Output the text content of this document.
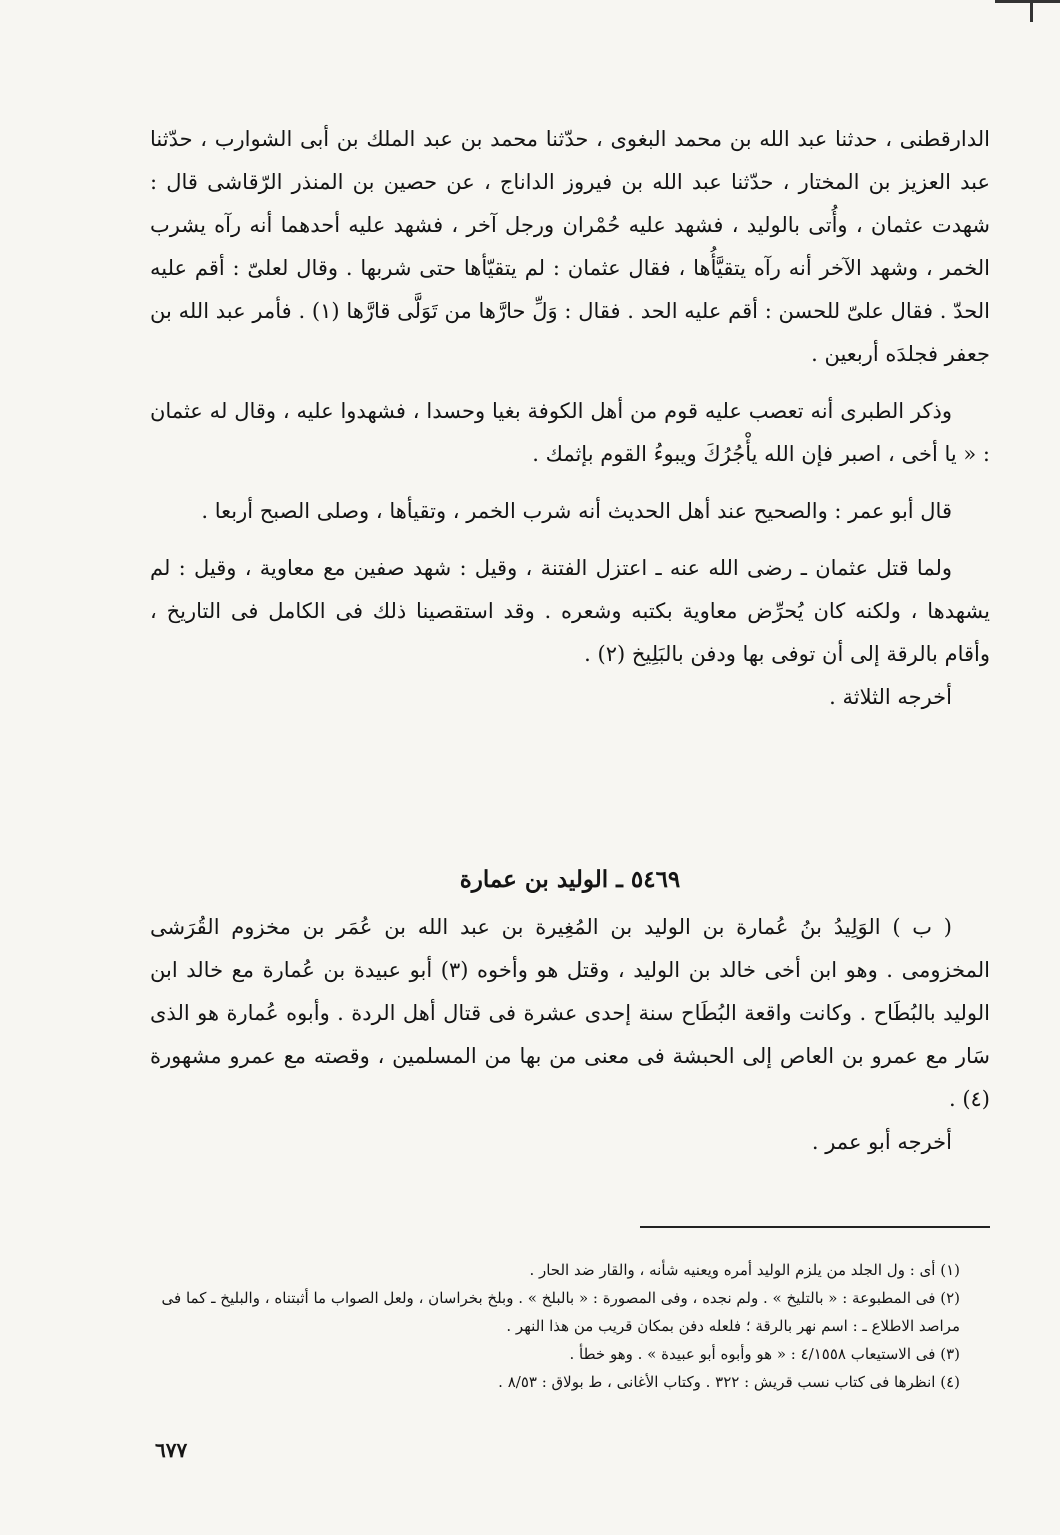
الدارقطنى ، حدثنا عبد الله بن محمد البغوى ، حدّثنا محمد بن عبد الملك بن أبى الشوارب ، حدّثنا عبد العزيز بن المختار ، حدّثنا عبد الله بن فيروز الداناج ، عن حصين بن المنذر الرّقاشى قال : شهدت عثمان ، وأُتى بالوليد ، فشهد عليه حُمْران ورجل آخر ، فشهد عليه أحدهما أنه رآه يشرب الخمر ، وشهد الآخر أنه رآه يتقيَّأُها ، فقال عثمان : لم يتقيّأها حتى شربها . وقال لعلىّ : أقم عليه الحدّ . فقال علىّ للحسن : أقم عليه الحد . فقال : وَلِّ حارَّها من تَوَلَّى قارَّها (١) . فأمر عبد الله بن جعفر فجلدَه أربعين .

وذكر الطبرى أنه تعصب عليه قوم من أهل الكوفة بغيا وحسدا ، فشهدوا عليه ، وقال له عثمان : « يا أخى ، اصبر فإن الله يأْجُرُكَ ويبوءُ القوم بإثمك .

قال أبو عمر : والصحيح عند أهل الحديث أنه شرب الخمر ، وتقيأها ، وصلى الصبح أربعا .

ولما قتل عثمان ـ رضى الله عنه ـ اعتزل الفتنة ، وقيل : شهد صفين مع معاوية ، وقيل : لم يشهدها ، ولكنه كان يُحرِّض معاوية بكتبه وشعره . وقد استقصينا ذلك فى الكامل فى التاريخ ، وأقام بالرقة إلى أن توفى بها ودفن بالبَلِيخ (٢) .

أخرجه الثلاثة .

٥٤٦٩ ـ الوليد بن عمارة

( ب ) الوَلِيدُ بنُ عُمارة بن الوليد بن المُغِيرة بن عبد الله بن عُمَر بن مخزوم القُرَشى المخزومى . وهو ابن أخى خالد بن الوليد ، وقتل هو وأخوه (٣) أبو عبيدة بن عُمارة مع خالد ابن الوليد بالبُطَاح . وكانت واقعة البُطَاح سنة إحدى عشرة فى قتال أهل الردة . وأبوه عُمارة هو الذى سَار مع عمرو بن العاص إلى الحبشة فى معنى من بها من المسلمين ، وقصته مع عمرو مشهورة (٤) .

أخرجه أبو عمر .

(١) أى : ول الجلد من يلزم الوليد أمره ويعنيه شأنه ، والقار ضد الحار .

(٢) فى المطبوعة : « بالتليخ » . ولم نجده ، وفى المصورة : « بالبلخ » . وبلخ بخراسان ، ولعل الصواب ما أثبتناه ، والبليخ ـ كما فى مراصد الاطلاع ـ : اسم نهر بالرقة ؛ فلعله دفن بمكان قريب من هذا النهر .

(٣) فى الاستيعاب ٤/١٥٥٨ : « هو وأبوه أبو عبيدة » . وهو خطأ .

(٤) انظرها فى كتاب نسب قريش : ٣٢٢ . وكتاب الأغانى ، ط بولاق : ٨/٥٣ .

٦٧٧
